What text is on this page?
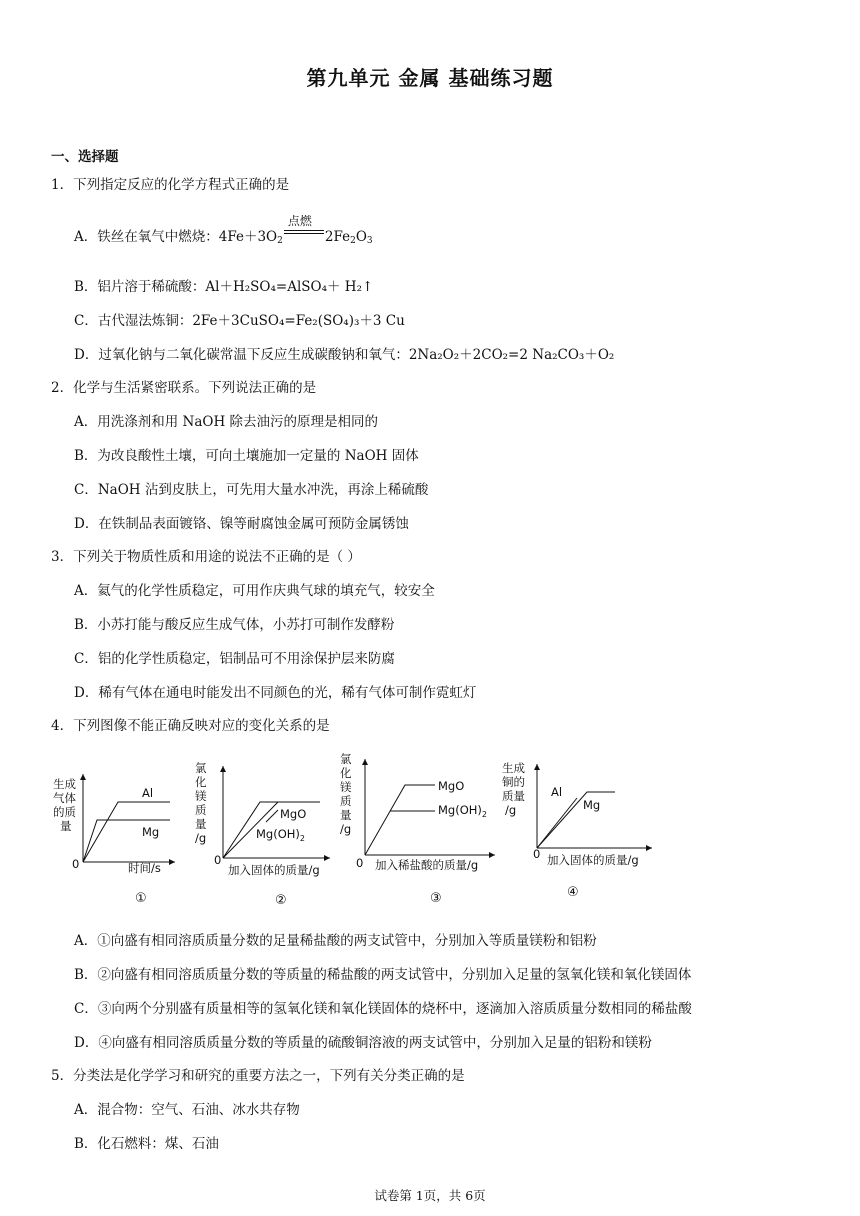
第九单元 金属 基础练习题
一、选择题
1．下列指定反应的化学方程式正确的是
A．铁丝在氧气中燃烧：$4Fe+3O_2$
点燃
$2Fe_2O_3$
B．铝片溶于稀硫酸：Al＋H₂SO₄=AlSO₄＋ H₂↑
C．古代湿法炼铜：2Fe＋3CuSO₄=Fe₂(SO₄)₃＋3 Cu
D．过氧化钠与二氧化碳常温下反应生成碳酸钠和氧气：2Na₂O₂＋2CO₂=2 Na₂CO₃＋O₂
2．化学与生活紧密联系。下列说法正确的是
A．用洗涤剂和用 NaOH 除去油污的原理是相同的
B．为改良酸性土壤，可向土壤施加一定量的 NaOH 固体
C．NaOH 沾到皮肤上，可先用大量水冲洗，再涂上稀硫酸
D．在铁制品表面镀铬、镍等耐腐蚀金属可预防金属锈蚀
3．下列关于物质性质和用途的说法不正确的是（ ）
A．氦气的化学性质稳定，可用作庆典气球的填充气，较安全
B．小苏打能与酸反应生成气体，小苏打可制作发酵粉
C．铝的化学性质稳定，铝制品可不用涂保护层来防腐
D．稀有气体在通电时能发出不同颜色的光，稀有气体可制作霓虹灯
4．下列图像不能正确反映对应的变化关系的是
生成
气体
的质
量
0	时间/s
Al
Mg
①
氯
化
镁
质
量
/g
0
加入固体的质量/g
MgO
$Mg(OH)_2$
②
氯
化
镁
质
量
/g
0 加入稀盐酸的质量/g
MgO
$Mg(OH)_2$
③
生成
铜的
质量
/g
0 加入固体的质量/g
Al
Mg
④
A．①向盛有相同溶质质量分数的足量稀盐酸的两支试管中，分别加入等质量镁粉和铝粉
B．②向盛有相同溶质质量分数的等质量的稀盐酸的两支试管中，分别加入足量的氢氧化镁和氧化镁固体
C．③向两个分别盛有质量相等的氢氧化镁和氧化镁固体的烧杯中，逐滴加入溶质质量分数相同的稀盐酸
D．④向盛有相同溶质质量分数的等质量的硫酸铜溶液的两支试管中，分别加入足量的铝粉和镁粉
5．分类法是化学学习和研究的重要方法之一，下列有关分类正确的是
A．混合物：空气、石油、冰水共存物
B．化石燃料：煤、石油
试卷第 1页，共 6页
